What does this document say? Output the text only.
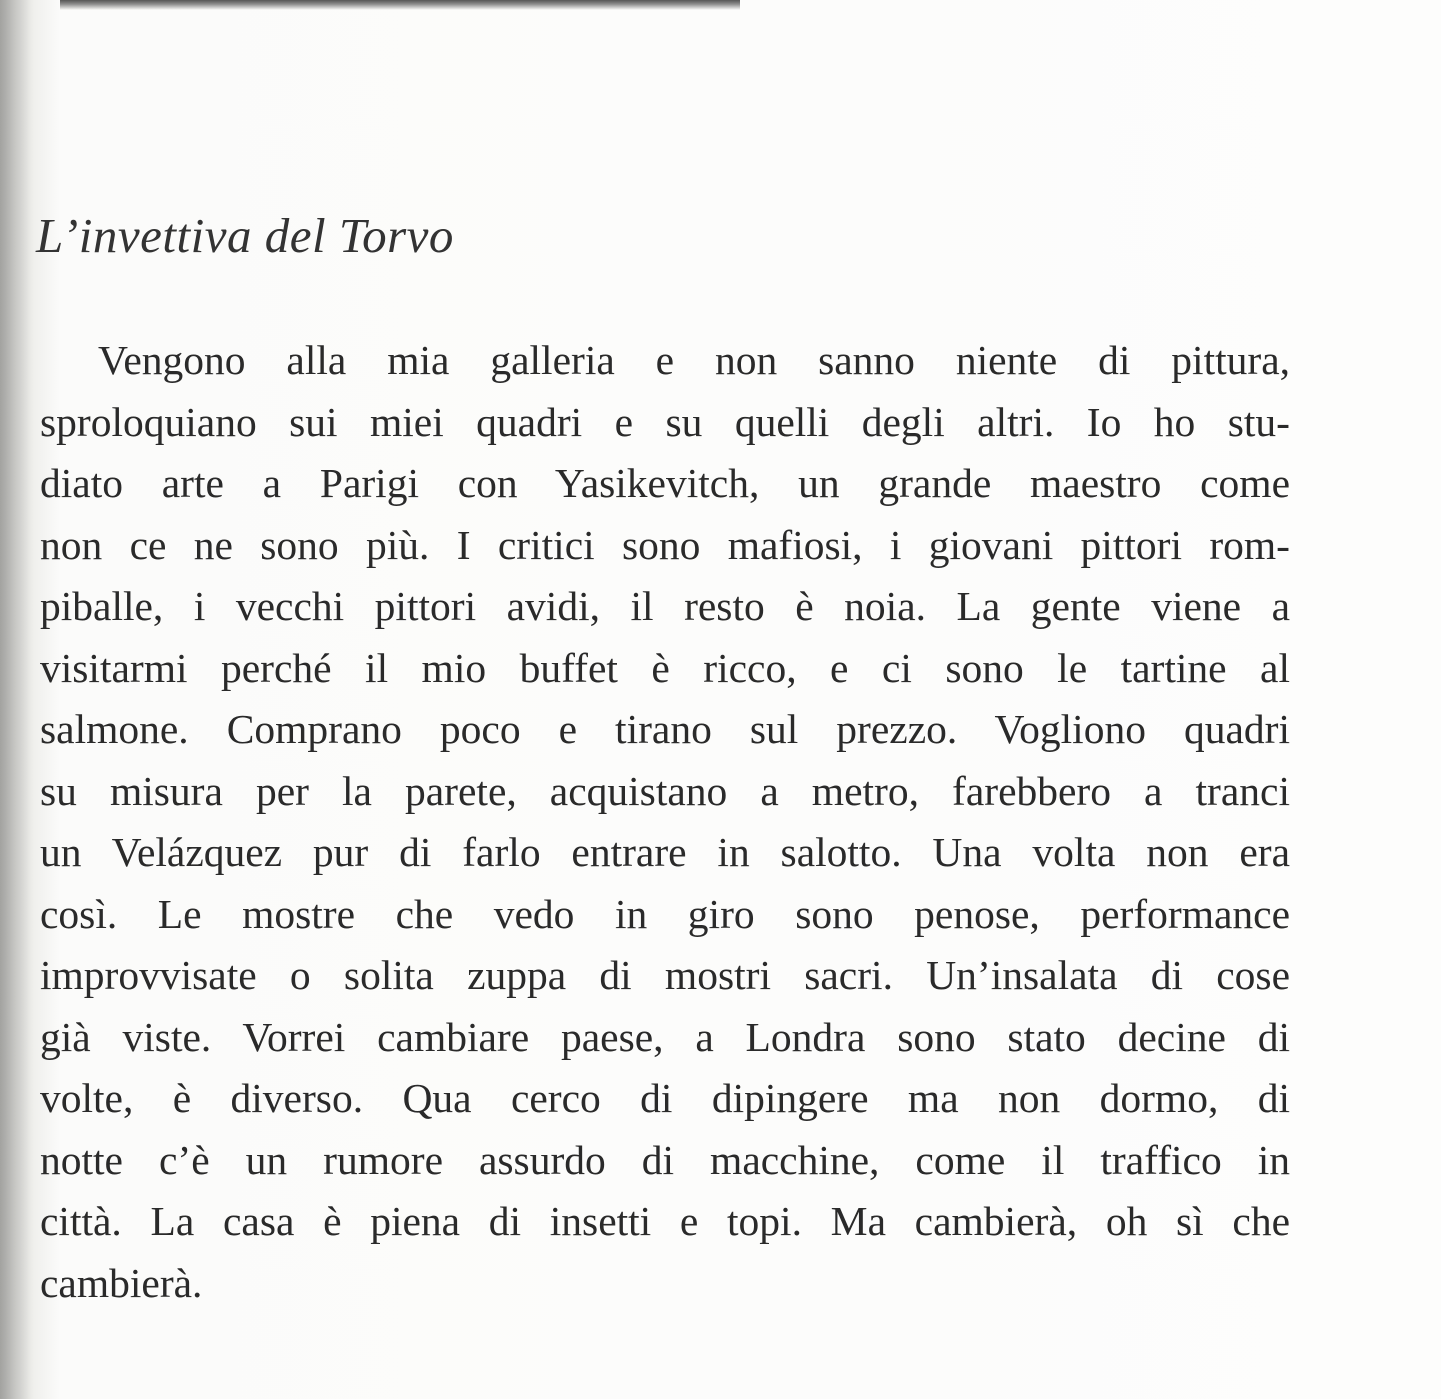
L’invettiva del Torvo
Vengono alla mia galleria e non sanno niente di pittura,
sproloquiano sui miei quadri e su quelli degli altri. Io ho stu-
diato arte a Parigi con Yasikevitch, un grande maestro come
non ce ne sono più. I critici sono mafiosi, i giovani pittori rom-
piballe, i vecchi pittori avidi, il resto è noia. La gente viene a
visitarmi perché il mio buffet è ricco, e ci sono le tartine al
salmone. Comprano poco e tirano sul prezzo. Vogliono quadri
su misura per la parete, acquistano a metro, farebbero a tranci
un Velázquez pur di farlo entrare in salotto. Una volta non era
così. Le mostre che vedo in giro sono penose, performance
improvvisate o solita zuppa di mostri sacri. Un’insalata di cose
già viste. Vorrei cambiare paese, a Londra sono stato decine di
volte, è diverso. Qua cerco di dipingere ma non dormo, di
notte c’è un rumore assurdo di macchine, come il traffico in
città. La casa è piena di insetti e topi. Ma cambierà, oh sì che
cambierà.
